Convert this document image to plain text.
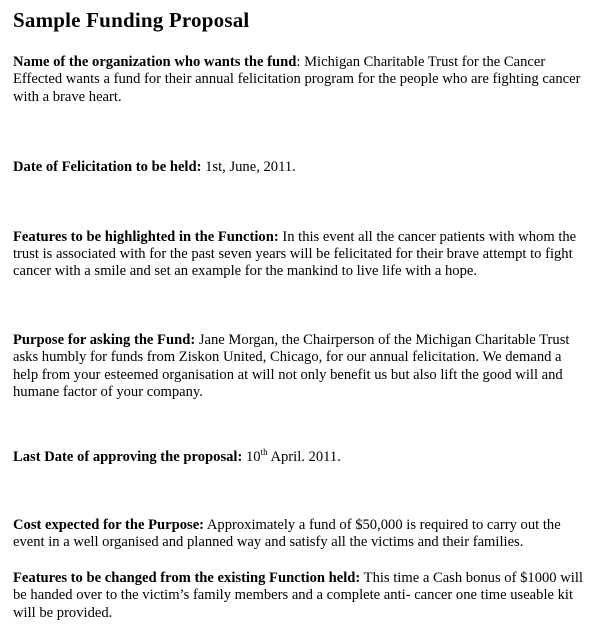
Sample Funding Proposal

Name of the organization who wants the fund: Michigan Charitable Trust for the Cancer Effected wants a fund for their annual felicitation program for the people who are fighting cancer with a brave heart.

Date of Felicitation to be held: 1st, June, 2011.

Features to be highlighted in the Function: In this event all the cancer patients with whom the trust is associated with for the past seven years will be felicitated for their brave attempt to fight cancer with a smile and set an example for the mankind to live life with a hope.

Purpose for asking the Fund: Jane Morgan, the Chairperson of the Michigan Charitable Trust asks humbly for funds from Ziskon United, Chicago, for our annual felicitation. We demand a help from your esteemed organisation at will not only benefit us but also lift the good will and humane factor of your company.

Last Date of approving the proposal: 10th April. 2011.

Cost expected for the Purpose: Approximately a fund of $50,000 is required to carry out the event in a well organised and planned way and satisfy all the victims and their families.

Features to be changed from the existing Function held: This time a Cash bonus of $1000 will be handed over to the victim’s family members and a complete anti- cancer one time useable kit will be provided.
